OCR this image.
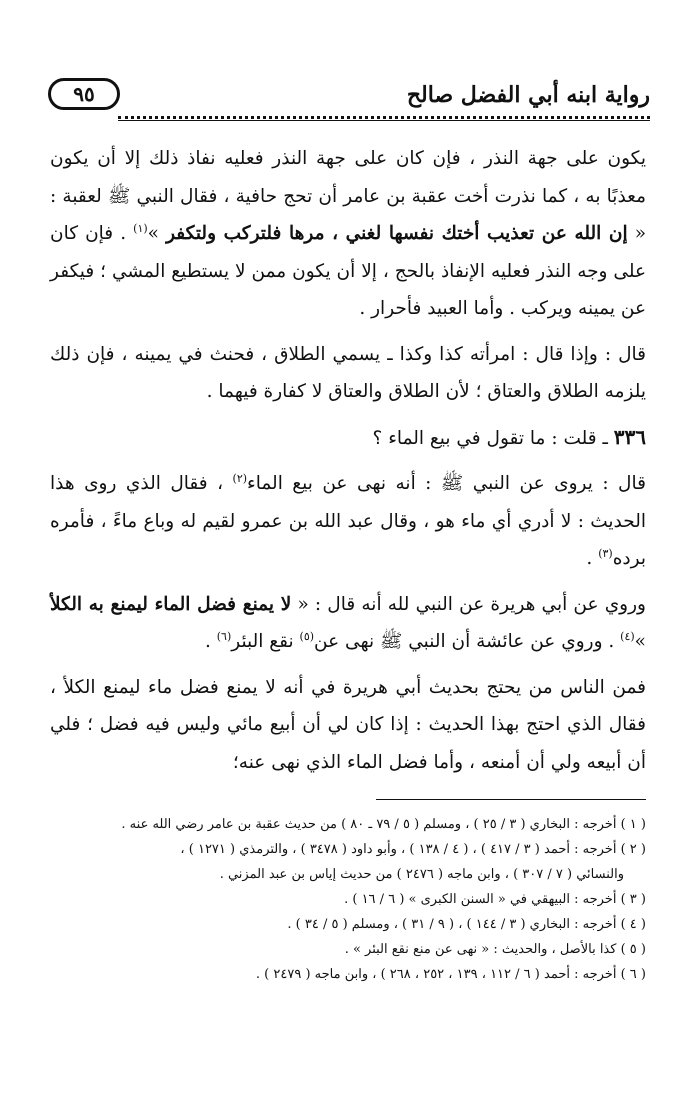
رواية ابنه أبي الفضل صالح
٩٥

يكون على جهة النذر ، فإن كان على جهة النذر فعليه نفاذ ذلك إلا أن يكون معذبًا به ، كما نذرت أخت عقبة بن عامر أن تحج حافية ، فقال النبي ﷺ لعقبة : « إن الله عن تعذيب أختك نفسها لغني ، مرها فلتركب ولتكفر »$^{(١)}$ . فإن كان على وجه النذر فعليه الإنفاذ بالحج ، إلا أن يكون ممن لا يستطيع المشي ؛ فيكفر عن يمينه ويركب . وأما العبيد فأحرار .

قال : وإذا قال : امرأته كذا وكذا ـ يسمي الطلاق ، فحنث في يمينه ، فإن ذلك يلزمه الطلاق والعتاق ؛ لأن الطلاق والعتاق لا كفارة فيهما .

٣٣٦ ـ قلت : ما تقول في بيع الماء ؟

قال : يروى عن النبي ﷺ : أنه نهى عن بيع الماء$^{(٢)}$ ، فقال الذي روى هذا الحديث : لا أدري أي ماء هو ، وقال عبد الله بن عمرو لقيم له وباع ماءً ، فأمره برده$^{(٣)}$ .

وروي عن أبي هريرة عن النبي لله أنه قال : « لا يمنع فضل الماء ليمنع به الكلأ »$^{(٤)}$ . وروي عن عائشة أن النبي ﷺ نهى عن$^{(٥)}$ نقع البئر$^{(٦)}$ .

فمن الناس من يحتج بحديث أبي هريرة في أنه لا يمنع فضل ماء ليمنع الكلأ ، فقال الذي احتج بهذا الحديث : إذا كان لي أن أبيع مائي وليس فيه فضل ؛ فلي أن أبيعه ولي أن أمنعه ، وأما فضل الماء الذي نهى عنه؛

( ١ ) أخرجه : البخاري ( ٣ / ٢٥ ) ، ومسلم ( ٥ / ٧٩ ـ ٨٠ ) من حديث عقبة بن عامر رضي الله عنه .

( ٢ ) أخرجه : أحمد ( ٣ / ٤١٧ ) ، ( ٤ / ١٣٨ ) ، وأبو داود ( ٣٤٧٨ ) ، والترمذي ( ١٢٧١ ) ،

والنسائي ( ٧ / ٣٠٧ ) ، وابن ماجه ( ٢٤٧٦ ) من حديث إياس بن عبد المزني .

( ٣ ) أخرجه : البيهقي في « السنن الكبرى » ( ٦ / ١٦ ) .

( ٤ ) أخرجه : البخاري ( ٣ / ١٤٤ ) ، ( ٩ / ٣١ ) ، ومسلم ( ٥ / ٣٤ ) .

( ٥ ) كذا بالأصل ، والحديث : « نهى عن منع نقع البئر » .

( ٦ ) أخرجه : أحمد ( ٦ / ١١٢ ، ١٣٩ ، ٢٥٢ ، ٢٦٨ ) ، وابن ماجه ( ٢٤٧٩ ) .
